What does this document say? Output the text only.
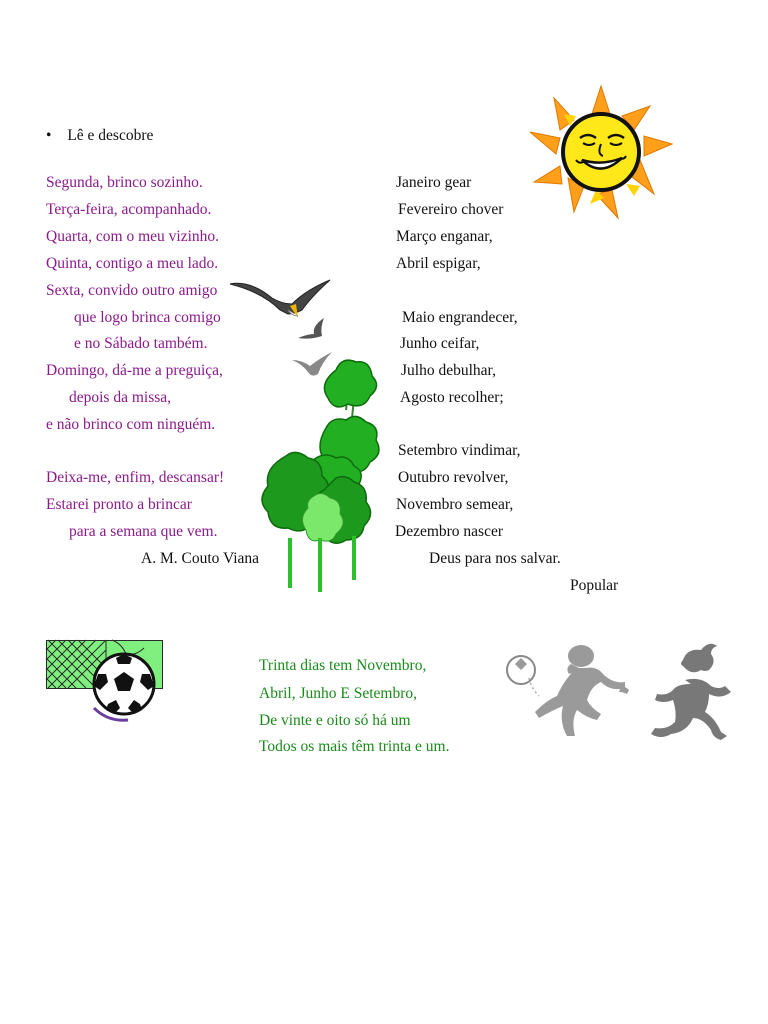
• Lê e descobre
Segunda, brinco sozinho.
Terça-feira, acompanhado.
Quarta, com o meu vizinho.
Quinta, contigo a meu lado.
Sexta, convido outro amigo
que logo brinca comigo
e no Sábado também.
Domingo, dá-me a preguiça,
depois da missa,
e não brinco com ninguém.
Deixa-me, enfim, descansar!
Estarei pronto a brincar
para a semana que vem.
A. M. Couto Viana
Janeiro gear
Fevereiro chover
Março enganar,
Abril espigar,
Maio engrandecer,
Junho ceifar,
Julho debulhar,
Agosto recolher;
Setembro vindimar,
Outubro revolver,
Novembro semear,
Dezembro nascer
Deus para nos salvar.
Popular
Trinta dias tem Novembro,
Abril, Junho E Setembro,
De vinte e oito só há um
Todos os mais têm trinta e um.
